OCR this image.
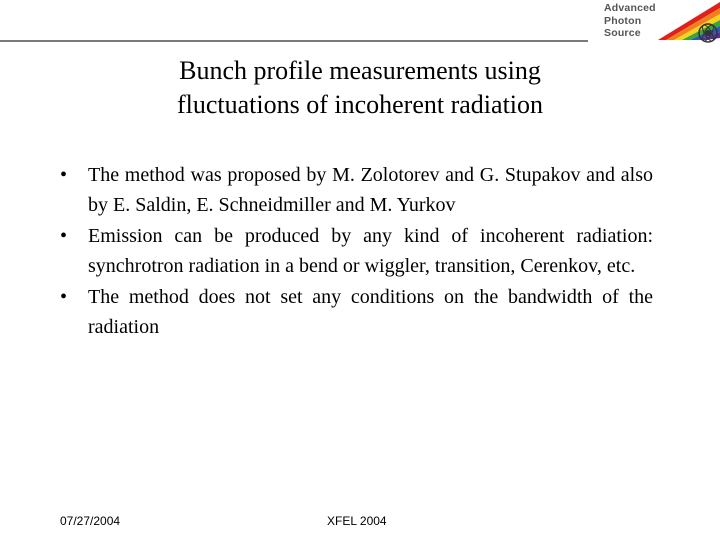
Advanced
Photon
Source
Bunch profile measurements using
fluctuations of incoherent radiation
•	The method was proposed by M. Zolotorev and G. Stupakov and also by E. Saldin, E. Schneidmiller and M. Yurkov
•	Emission can be produced by any kind of incoherent radiation: synchrotron radiation in a bend or wiggler, transition, Cerenkov, etc.
•	The method does not set any conditions on the bandwidth of the radiation
07/27/2004	XFEL 2004
